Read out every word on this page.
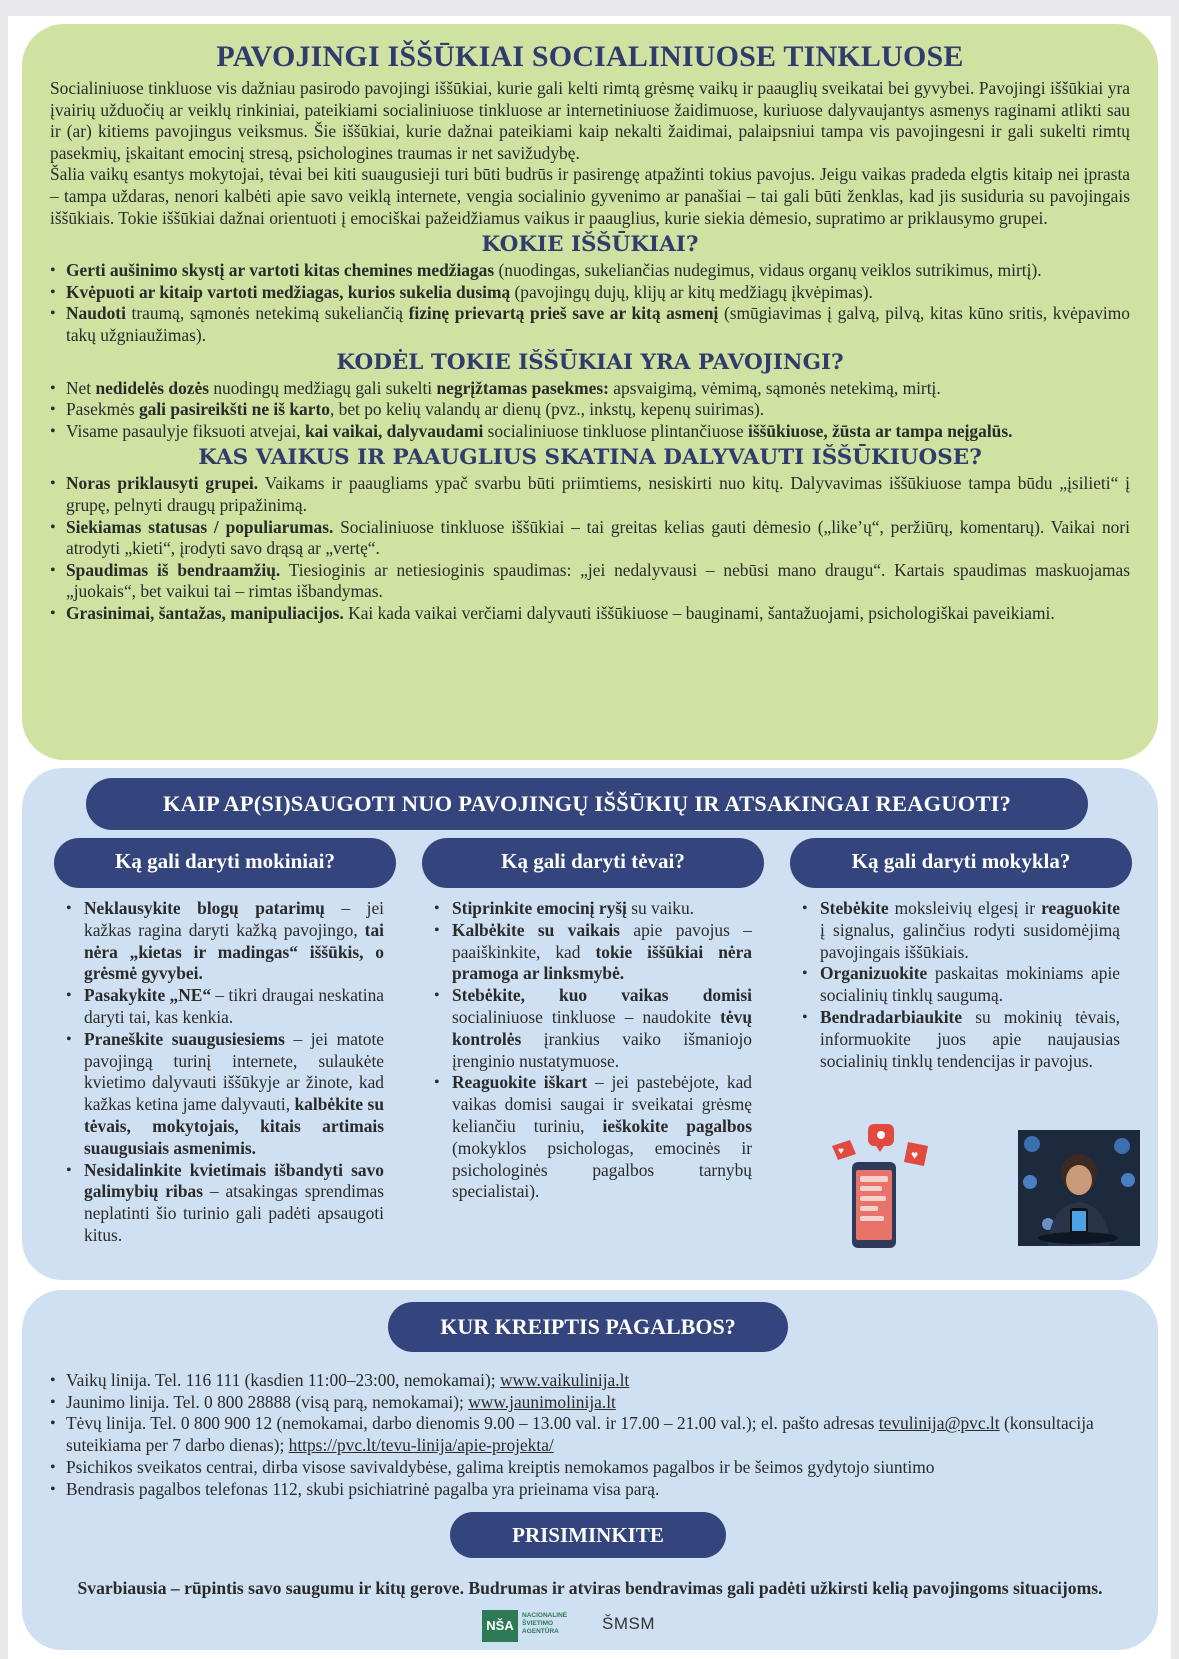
PAVOJINGI IŠŠŪKIAI SOCIALINIUOSE TINKLUOSE

Socialiniuose tinkluose vis dažniau pasirodo pavojingi iššūkiai, kurie gali kelti rimtą grėsmę vaikų ir paauglių sveikatai bei gyvybei. Pavojingi iššūkiai yra įvairių užduočių ar veiklų rinkiniai, pateikiami socialiniuose tinkluose ar internetiniuose žaidimuose, kuriuose dalyvaujantys asmenys raginami atlikti sau ir (ar) kitiems pavojingus veiksmus. Šie iššūkiai, kurie dažnai pateikiami kaip nekalti žaidimai, palaipsniui tampa vis pavojingesni ir gali sukelti rimtų pasekmių, įskaitant emocinį stresą, psichologines traumas ir net savižudybę.

Šalia vaikų esantys mokytojai, tėvai bei kiti suaugusieji turi būti budrūs ir pasirengę atpažinti tokius pavojus. Jeigu vaikas pradeda elgtis kitaip nei įprasta – tampa uždaras, nenori kalbėti apie savo veiklą internete, vengia socialinio gyvenimo ar panašiai – tai gali būti ženklas, kad jis susiduria su pavojingais iššūkiais. Tokie iššūkiai dažnai orientuoti į emociškai pažeidžiamus vaikus ir paauglius, kurie siekia dėmesio, supratimo ar priklausymo grupei.

KOKIE IŠŠŪKIAI?
• Gerti aušinimo skystį ar vartoti kitas chemines medžiagas (nuodingas, sukeliančias nudegimus, vidaus organų veiklos sutrikimus, mirtį).
• Kvėpuoti ar kitaip vartoti medžiagas, kurios sukelia dusimą (pavojingų dujų, klijų ar kitų medžiagų įkvėpimas).
• Naudoti traumą, sąmonės netekimą sukeliančią fizinę prievartą prieš save ar kitą asmenį (smūgiavimas į galvą, pilvą, kitas kūno sritis, kvėpavimo takų užgniaužimas).
KODĖL TOKIE IŠŠŪKIAI YRA PAVOJINGI?
• Net nedidelės dozės nuodingų medžiagų gali sukelti negrįžtamas pasekmes: apsvaigimą, vėmimą, sąmonės netekimą, mirtį.
• Pasekmės gali pasireikšti ne iš karto, bet po kelių valandų ar dienų (pvz., inkstų, kepenų suirimas).
• Visame pasaulyje fiksuoti atvejai, kai vaikai, dalyvaudami socialiniuose tinkluose plintančiuose iššūkiuose, žūsta ar tampa neįgalūs.
KAS VAIKUS IR PAAUGLIUS SKATINA DALYVAUTI IŠŠŪKIUOSE?
• Noras priklausyti grupei. Vaikams ir paaugliams ypač svarbu būti priimtiems, nesiskirti nuo kitų. Dalyvavimas iššūkiuose tampa būdu „įsilieti“ į grupę, pelnyti draugų pripažinimą.
• Siekiamas statusas / populiarumas. Socialiniuose tinkluose iššūkiai – tai greitas kelias gauti dėmesio („like’ų“, peržiūrų, komentarų). Vaikai nori atrodyti „kieti“, įrodyti savo drąsą ar „vertę“.
• Spaudimas iš bendraamžių. Tiesioginis ar netiesioginis spaudimas: „jei nedalyvausi – nebūsi mano draugu“. Kartais spaudimas maskuojamas „juokais“, bet vaikui tai – rimtas išbandymas.
• Grasinimai, šantažas, manipuliacijos. Kai kada vaikai verčiami dalyvauti iššūkiuose – bauginami, šantažuojami, psichologiškai paveikiami.
KAIP AP(SI)SAUGOTI NUO PAVOJINGŲ IŠŠŪKIŲ IR ATSAKINGAI REAGUOTI?
Ką gali daryti mokiniai?	Ką gali daryti tėvai?	Ką gali daryti mokykla?
• Neklausykite blogų patarimų – jei kažkas ragina daryti kažką pavojingo, tai nėra „kietas ir madingas“ iššūkis, o grėsmė gyvybei.
• Pasakykite „NE“ – tikri draugai neskatina daryti tai, kas kenkia.
• Praneškite suaugusiesiems – jei matote pavojingą turinį internete, sulaukėte kvietimo dalyvauti iššūkyje ar žinote, kad kažkas ketina jame dalyvauti, kalbėkite su tėvais, mokytojais, kitais artimais suaugusiais asmenimis.
• Nesidalinkite kvietimais išbandyti savo galimybių ribas – atsakingas sprendimas neplatinti šio turinio gali padėti apsaugoti kitus.
• Stiprinkite emocinį ryšį su vaiku.
• Kalbėkite su vaikais apie pavojus – paaiškinkite, kad tokie iššūkiai nėra pramoga ar linksmybė.
• Stebėkite, kuo vaikas domisi socialiniuose tinkluose – naudokite tėvų kontrolės įrankius vaiko išmaniojo įrenginio nustatymuose.
• Reaguokite iškart – jei pastebėjote, kad vaikas domisi saugai ir sveikatai grėsmę keliančiu turiniu, ieškokite pagalbos (mokyklos psichologas, emocinės ir psichologinės pagalbos tarnybų specialistai).
• Stebėkite moksleivių elgesį ir reaguokite į signalus, galinčius rodyti susidomėjimą pavojingais iššūkiais.
• Organizuokite paskaitas mokiniams apie socialinių tinklų saugumą.
• Bendradarbiaukite su mokinių tėvais, informuokite juos apie naujausias socialinių tinklų tendencijas ir pavojus.
♥	♥
KUR KREIPTIS PAGALBOS?
• Vaikų linija. Tel. 116 111 (kasdien 11:00–23:00, nemokamai); www.vaikulinija.lt
• Jaunimo linija. Tel. 0 800 28888 (visą parą, nemokamai); www.jaunimolinija.lt
• Tėvų linija. Tel. 0 800 900 12 (nemokamai, darbo dienomis 9.00 – 13.00 val. ir 17.00 – 21.00 val.); el. pašto adresas tevulinija@pvc.lt (konsultacija suteikiama per 7 darbo dienas); https://pvc.lt/tevu-linija/apie-projekta/
• Psichikos sveikatos centrai, dirba visose savivaldybėse, galima kreiptis nemokamos pagalbos ir be šeimos gydytojo siuntimo
• Bendrasis pagalbos telefonas 112, skubi psichiatrinė pagalba yra prieinama visa parą.
PRISIMINKITE
Svarbiausia – rūpintis savo saugumu ir kitų gerove. Budrumas ir atviras bendravimas gali padėti užkirsti kelią pavojingoms situacijoms.
NŠA
NACIONALINĖ ŠVIETIMO AGENTŪRA	ŠMSM
